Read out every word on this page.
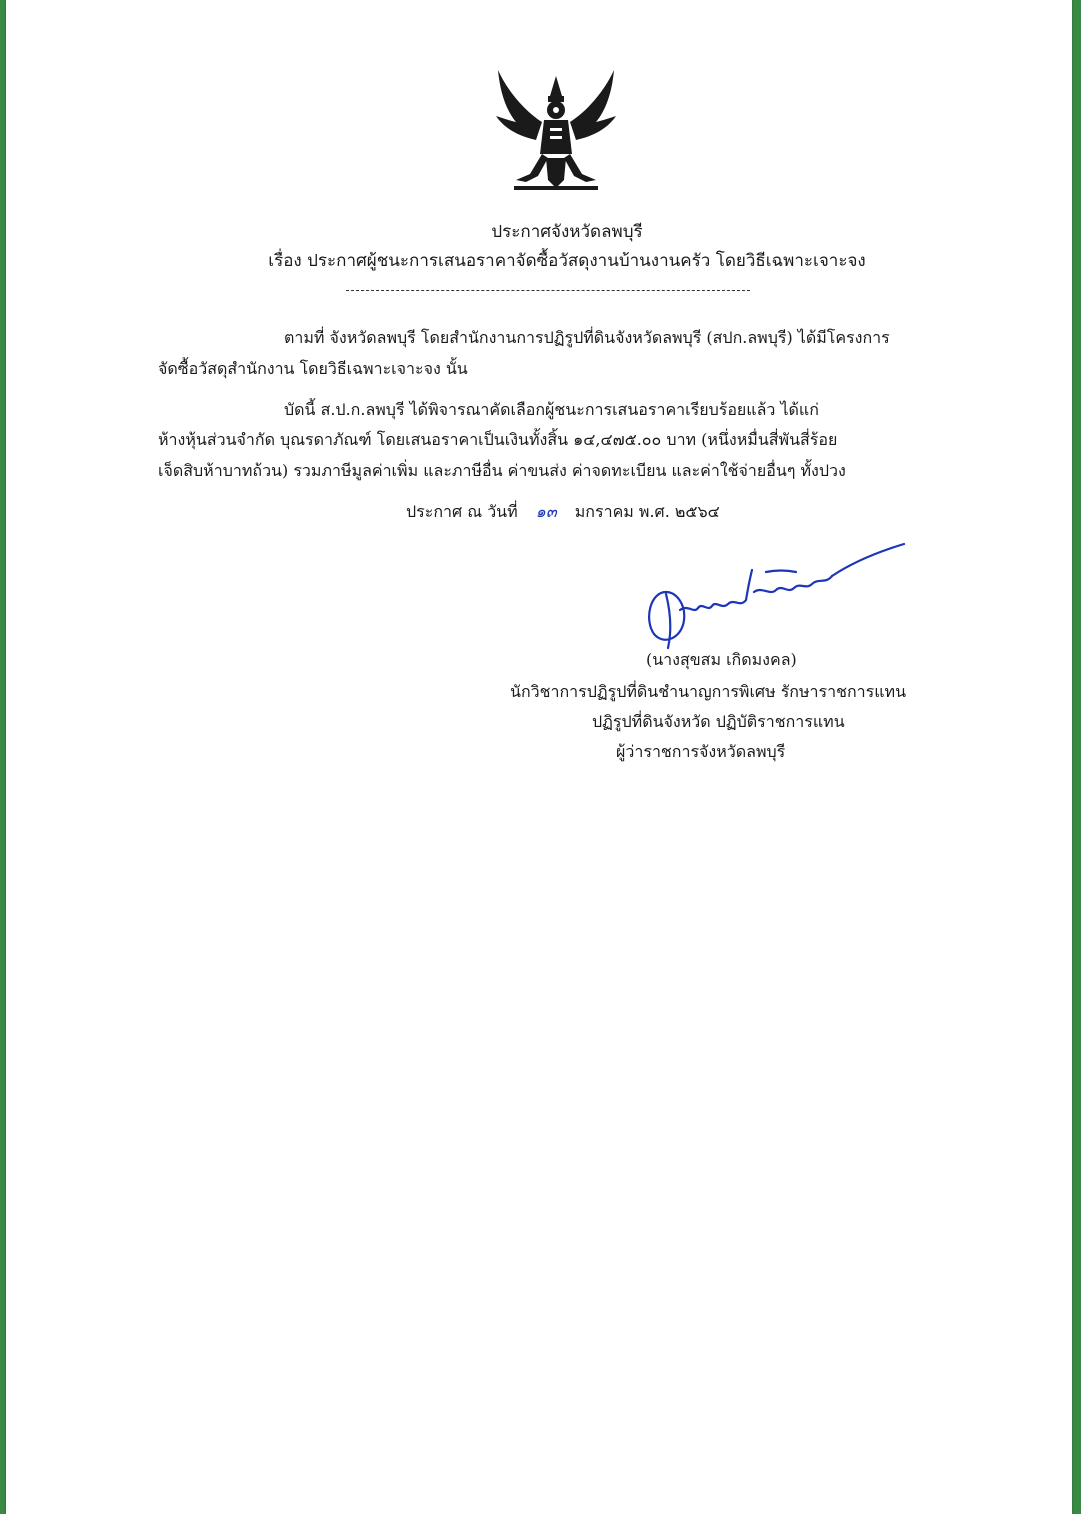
ประกาศจังหวัดลพบุรี
เรื่อง ประกาศผู้ชนะการเสนอราคาจัดซื้อวัสดุงานบ้านงานครัว โดยวิธีเฉพาะเจาะจง
ตามที่ จังหวัดลพบุรี โดยสำนักงานการปฏิรูปที่ดินจังหวัดลพบุรี (สปก.ลพบุรี) ได้มีโครงการ
จัดซื้อวัสดุสำนักงาน โดยวิธีเฉพาะเจาะจง นั้น
บัดนี้ ส.ป.ก.ลพบุรี ได้พิจารณาคัดเลือกผู้ชนะการเสนอราคาเรียบร้อยแล้ว ได้แก่
ห้างหุ้นส่วนจำกัด บุณรดาภัณฑ์ โดยเสนอราคาเป็นเงินทั้งสิ้น ๑๔,๔๗๕.๐๐ บาท (หนึ่งหมื่นสี่พันสี่ร้อย
เจ็ดสิบห้าบาทถ้วน) รวมภาษีมูลค่าเพิ่ม และภาษีอื่น ค่าขนส่ง ค่าจดทะเบียน และค่าใช้จ่ายอื่นๆ ทั้งปวง
ประกาศ ณ วันที่ ๑๓ มกราคม พ.ศ. ๒๕๖๔
(นางสุขสม เกิดมงคล)
นักวิชาการปฏิรูปที่ดินชำนาญการพิเศษ รักษาราชการแทน
ปฏิรูปที่ดินจังหวัด ปฏิบัติราชการแทน
ผู้ว่าราชการจังหวัดลพบุรี
